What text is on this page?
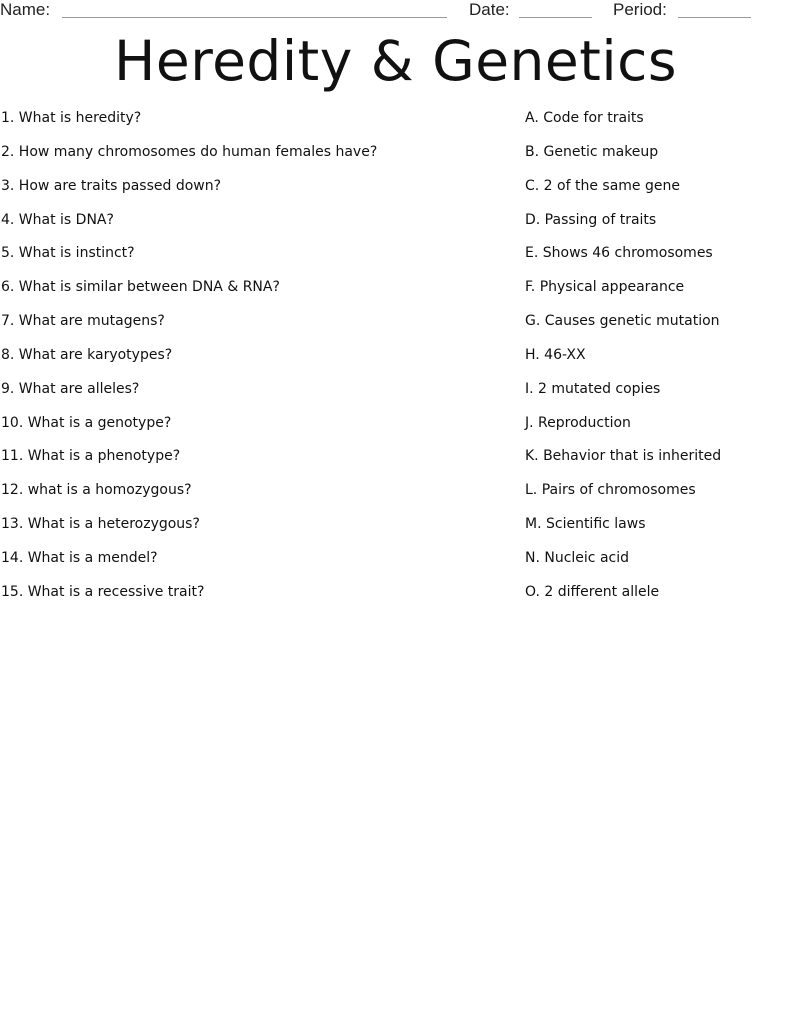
Name:	Date:	Period:
Heredity & Genetics
1. What is heredity?
2. How many chromosomes do human females have?
3. How are traits passed down?
4. What is DNA?
5. What is instinct?
6. What is similar between DNA & RNA?
7. What are mutagens?
8. What are karyotypes?
9. What are alleles?
10. What is a genotype?
11. What is a phenotype?
12. what is a homozygous?
13. What is a heterozygous?
14. What is a mendel?
15. What is a recessive trait?
A. Code for traits
B. Genetic makeup
C. 2 of the same gene
D. Passing of traits
E. Shows 46 chromosomes
F. Physical appearance
G. Causes genetic mutation
H. 46-XX
I. 2 mutated copies
J. Reproduction
K. Behavior that is inherited
L. Pairs of chromosomes
M. Scientific laws
N. Nucleic acid
O. 2 different allele
